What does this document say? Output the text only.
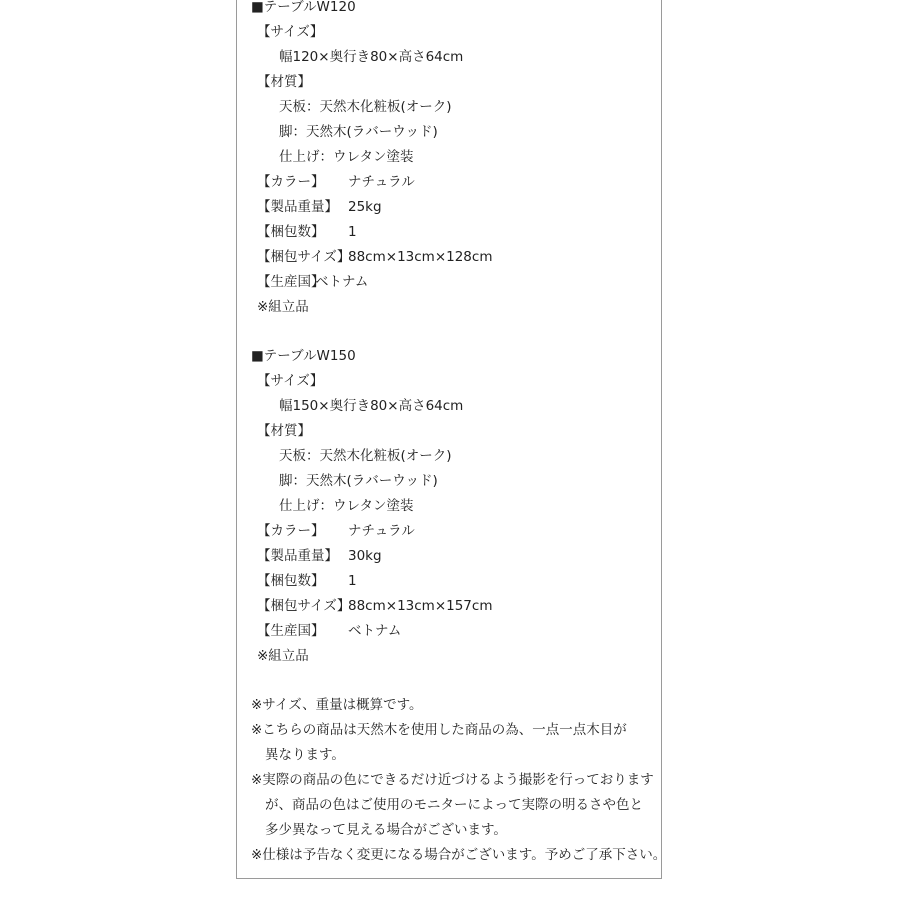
■テーブルW120
【サイズ】
幅120×奥行き80×高さ64cm
【材質】
天板：天然木化粧板(オーク)
脚：天然木(ラバーウッド)
仕上げ：ウレタン塗装
【カラー】 ナチュラル
【製品重量】 25kg
【梱包数】 1
【梱包サイズ】
88cm×13cm×128cm
【生産国】
ベトナム
※組立品
■テーブルW150
【サイズ】
幅150×奥行き80×高さ64cm
【材質】
天板：天然木化粧板(オーク)
脚：天然木(ラバーウッド)
仕上げ：ウレタン塗装
【カラー】 ナチュラル
【製品重量】 30kg
【梱包数】 1
【梱包サイズ】
88cm×13cm×157cm
【生産国】 ベトナム
※組立品
※サイズ、重量は概算です。
※こちらの商品は天然木を使用した商品の為、一点一点木目が
異なります。
※実際の商品の色にできるだけ近づけるよう撮影を行っております
が、商品の色はご使用のモニターによって実際の明るさや色と
多少異なって見える場合がございます。
※仕様は予告なく変更になる場合がございます。予めご了承下さい。
